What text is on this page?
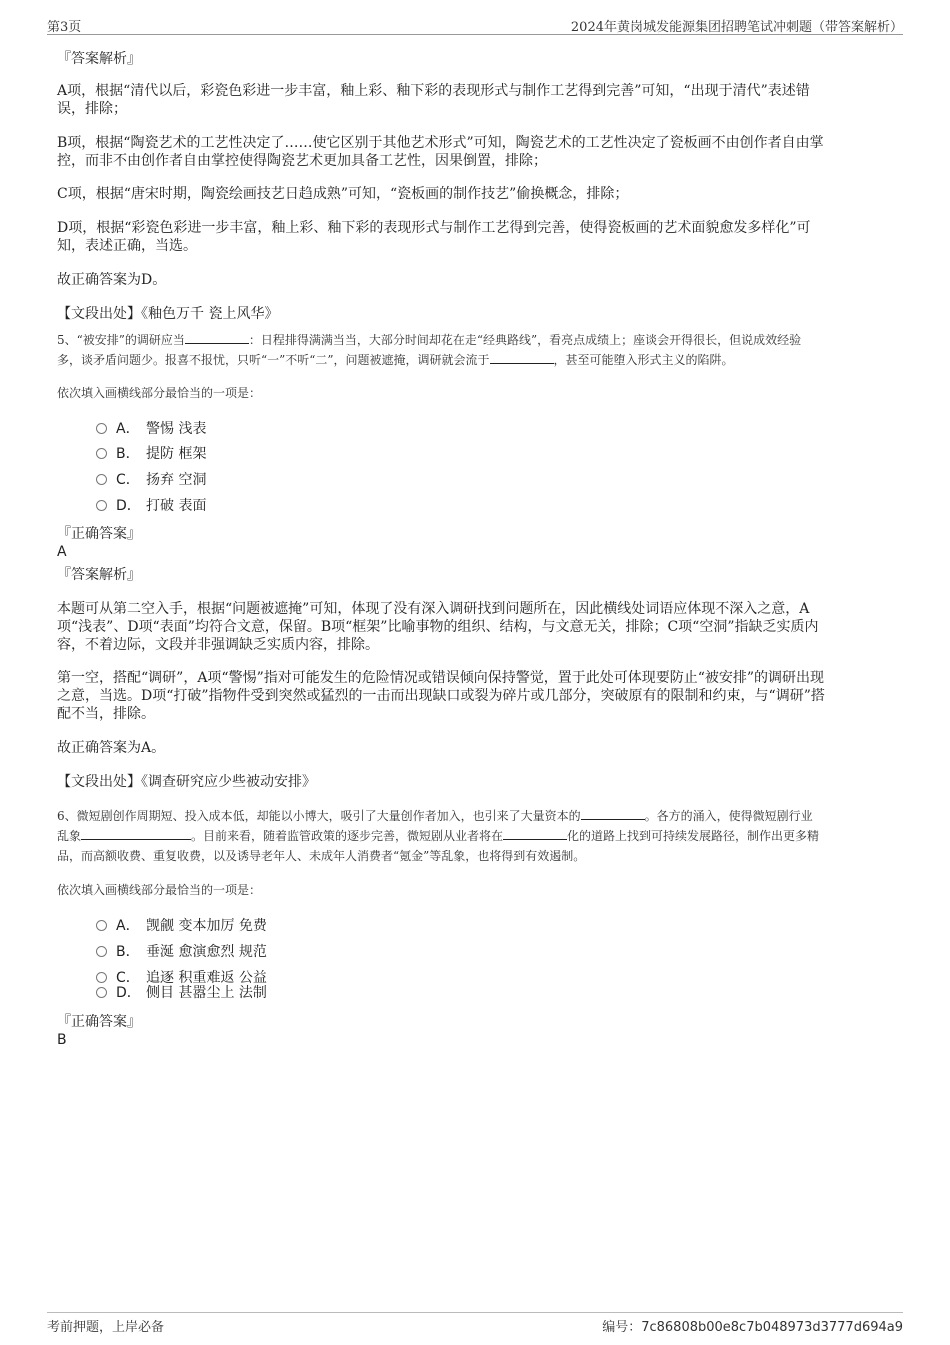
第3页	2024年黄岗城发能源集团招聘笔试冲刺题（带答案解析）
『答案解析』
A项，根据“清代以后，彩瓷色彩进一步丰富，釉上彩、釉下彩的表现形式与制作工艺得到完善”可知，“出现于清代”表述错
误，排除；
B项，根据“陶瓷艺术的工艺性决定了……使它区别于其他艺术形式”可知，陶瓷艺术的工艺性决定了瓷板画不由创作者自由掌
控，而非不由创作者自由掌控使得陶瓷艺术更加具备工艺性，因果倒置，排除；
C项，根据“唐宋时期，陶瓷绘画技艺日趋成熟”可知，“瓷板画的制作技艺”偷换概念，排除；
D项，根据“彩瓷色彩进一步丰富，釉上彩、釉下彩的表现形式与制作工艺得到完善，使得瓷板画的艺术面貌愈发多样化”可
知，表述正确，当选。
故正确答案为D。
【文段出处】《釉色万千 瓷上风华》
5、“被安排”的调研应当	：日程排得满满当当，大部分时间却花在走“经典路线”，看亮点成绩上；座谈会开得很长，但说成效经验
多，谈矛盾问题少。报喜不报忧，只听“一”不听“二”，问题被遮掩，调研就会流于	，甚至可能堕入形式主义的陷阱。
依次填入画横线部分最恰当的一项是：
A． 警惕 浅表
B． 提防 框架
C． 扬弃 空洞
D． 打破 表面
『正确答案』
A
『答案解析』
本题可从第二空入手，根据“问题被遮掩”可知，体现了没有深入调研找到问题所在，因此横线处词语应体现不深入之意，A
项“浅表”、D项“表面”均符合文意，保留。B项“框架”比喻事物的组织、结构，与文意无关，排除；C项“空洞”指缺乏实质内
容，不着边际，文段并非强调缺乏实质内容，排除。
第一空，搭配“调研”，A项“警惕”指对可能发生的危险情况或错误倾向保持警觉，置于此处可体现要防止“被安排”的调研出现
之意，当选。D项“打破”指物件受到突然或猛烈的一击而出现缺口或裂为碎片或几部分，突破原有的限制和约束，与“调研”搭
配不当，排除。
故正确答案为A。
【文段出处】《调查研究应少些被动安排》
6、微短剧创作周期短、投入成本低，却能以小博大，吸引了大量创作者加入，也引来了大量资本的	。各方的涌入，使得微短剧行业
乱象	。目前来看，随着监管政策的逐步完善，微短剧从业者将在	化的道路上找到可持续发展路径，制作出更多精
品，而高额收费、重复收费，以及诱导老年人、未成年人消费者“氪金”等乱象，也将得到有效遏制。
依次填入画横线部分最恰当的一项是：
A． 觊觎 变本加厉 免费
B． 垂涎 愈演愈烈 规范
C． 追逐 积重难返 公益
D． 侧目 甚嚣尘上 法制
『正确答案』
B
考前押题，上岸必备	编号：7c86808b00e8c7b048973d3777d694a9
